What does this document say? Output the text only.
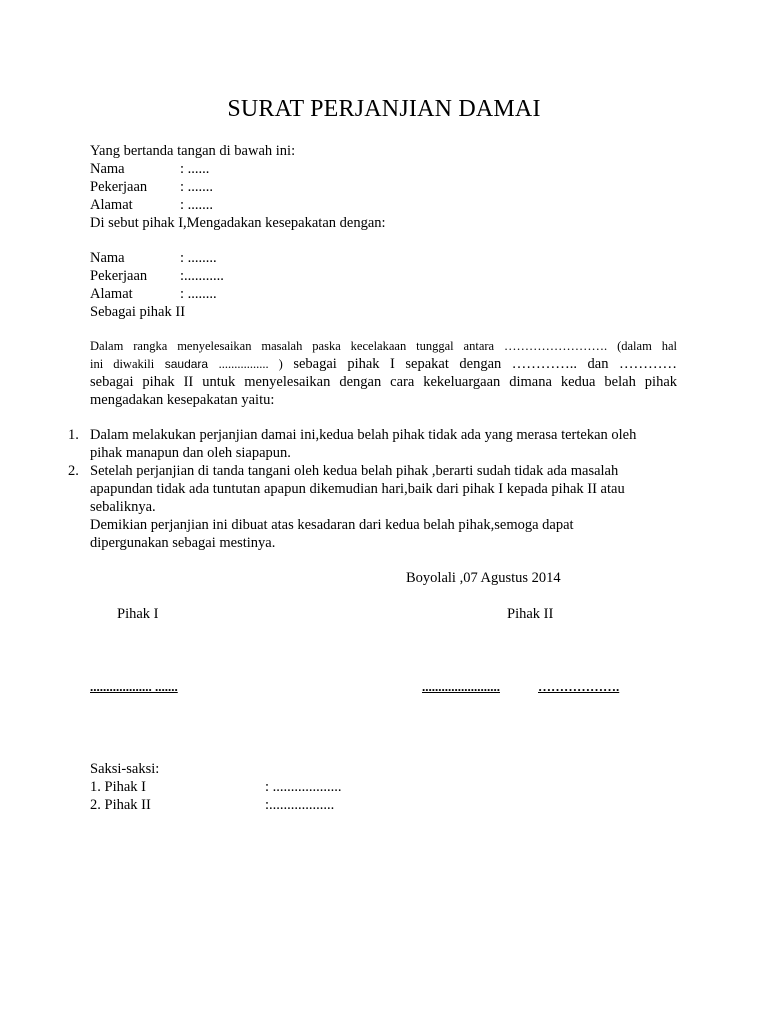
SURAT PERJANJIAN DAMAI
Yang bertanda tangan di bawah ini:
Nama	: ......
Pekerjaan : .......
Alamat	: .......
Di sebut pihak I,Mengadakan kesepakatan dengan:
Nama	: ........
Pekerjaan :...........
Alamat	: ........
Sebagai pihak II
Dalam rangka menyelesaikan masalah paska kecelakaan tunggal antara ……………………. (dalam hal
ini diwakili saudara ................ ) sebagai pihak I sepakat dengan ………….. dan …………
sebagai pihak II untuk menyelesaikan dengan cara kekeluargaan dimana kedua belah pihak
mengadakan kesepakatan yaitu:
1. Dalam melakukan perjanjian damai ini,kedua belah pihak tidak ada yang merasa tertekan oleh
pihak manapun dan oleh siapapun.
2. Setelah perjanjian di tanda tangani oleh kedua belah pihak ,berarti sudah tidak ada masalah
apapundan tidak ada tuntutan apapun dikemudian hari,baik dari pihak I kepada pihak II atau
sebaliknya.
Demikian perjanjian ini dibuat atas kesadaran dari kedua belah pihak,semoga dapat
dipergunakan sebagai mestinya.
Boyolali ,07 Agustus 2014
Pihak I	Pihak II
................... .......	........................	……………….
Saksi-saksi:
1. Pihak I	: ...................
2. Pihak II	:..................
